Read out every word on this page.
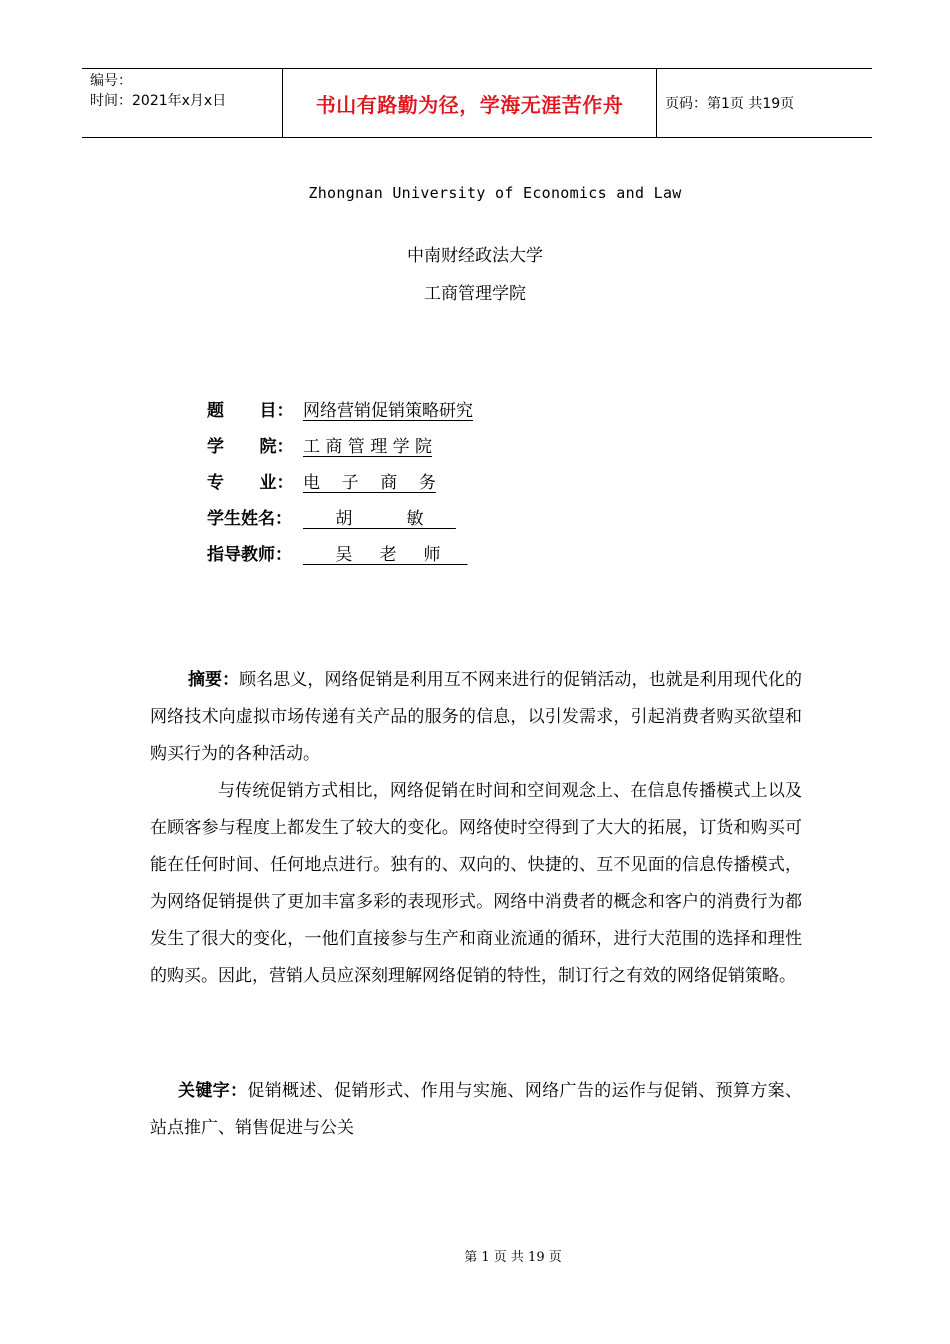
编号：
时间：2021年x月x日	书山有路勤为径，学海无涯苦作舟	页码：第1页 共19页
Zhongnan University of Economics and Law
中南财经政法大学
工商管理学院
题      目： 网络营销促销策略研究
学      院： 工 商 管 理 学 院
专      业： 电    子    商    务
学生姓名： 胡          敏
指导教师： 吴     老     师
摘要：顾名思义，网络促销是利用互不网来进行的促销活动，也就是利用现代化的网络技术向虚拟市场传递有关产品的服务的信息，以引发需求，引起消费者购买欲望和购买行为的各种活动。
与传统促销方式相比，网络促销在时间和空间观念上、在信息传播模式上以及在顾客参与程度上都发生了较大的变化。网络使时空得到了大大的拓展，订货和购买可能在任何时间、任何地点进行。独有的、双向的、快捷的、互不见面的信息传播模式，为网络促销提供了更加丰富多彩的表现形式。网络中消费者的概念和客户的消费行为都发生了很大的变化，一他们直接参与生产和商业流通的循环，进行大范围的选择和理性的购买。因此，营销人员应深刻理解网络促销的特性，制订行之有效的网络促销策略。
关键字：促销概述、促销形式、作用与实施、网络广告的运作与促销、预算方案、站点推广、销售促进与公关
第 1 页 共 19 页
